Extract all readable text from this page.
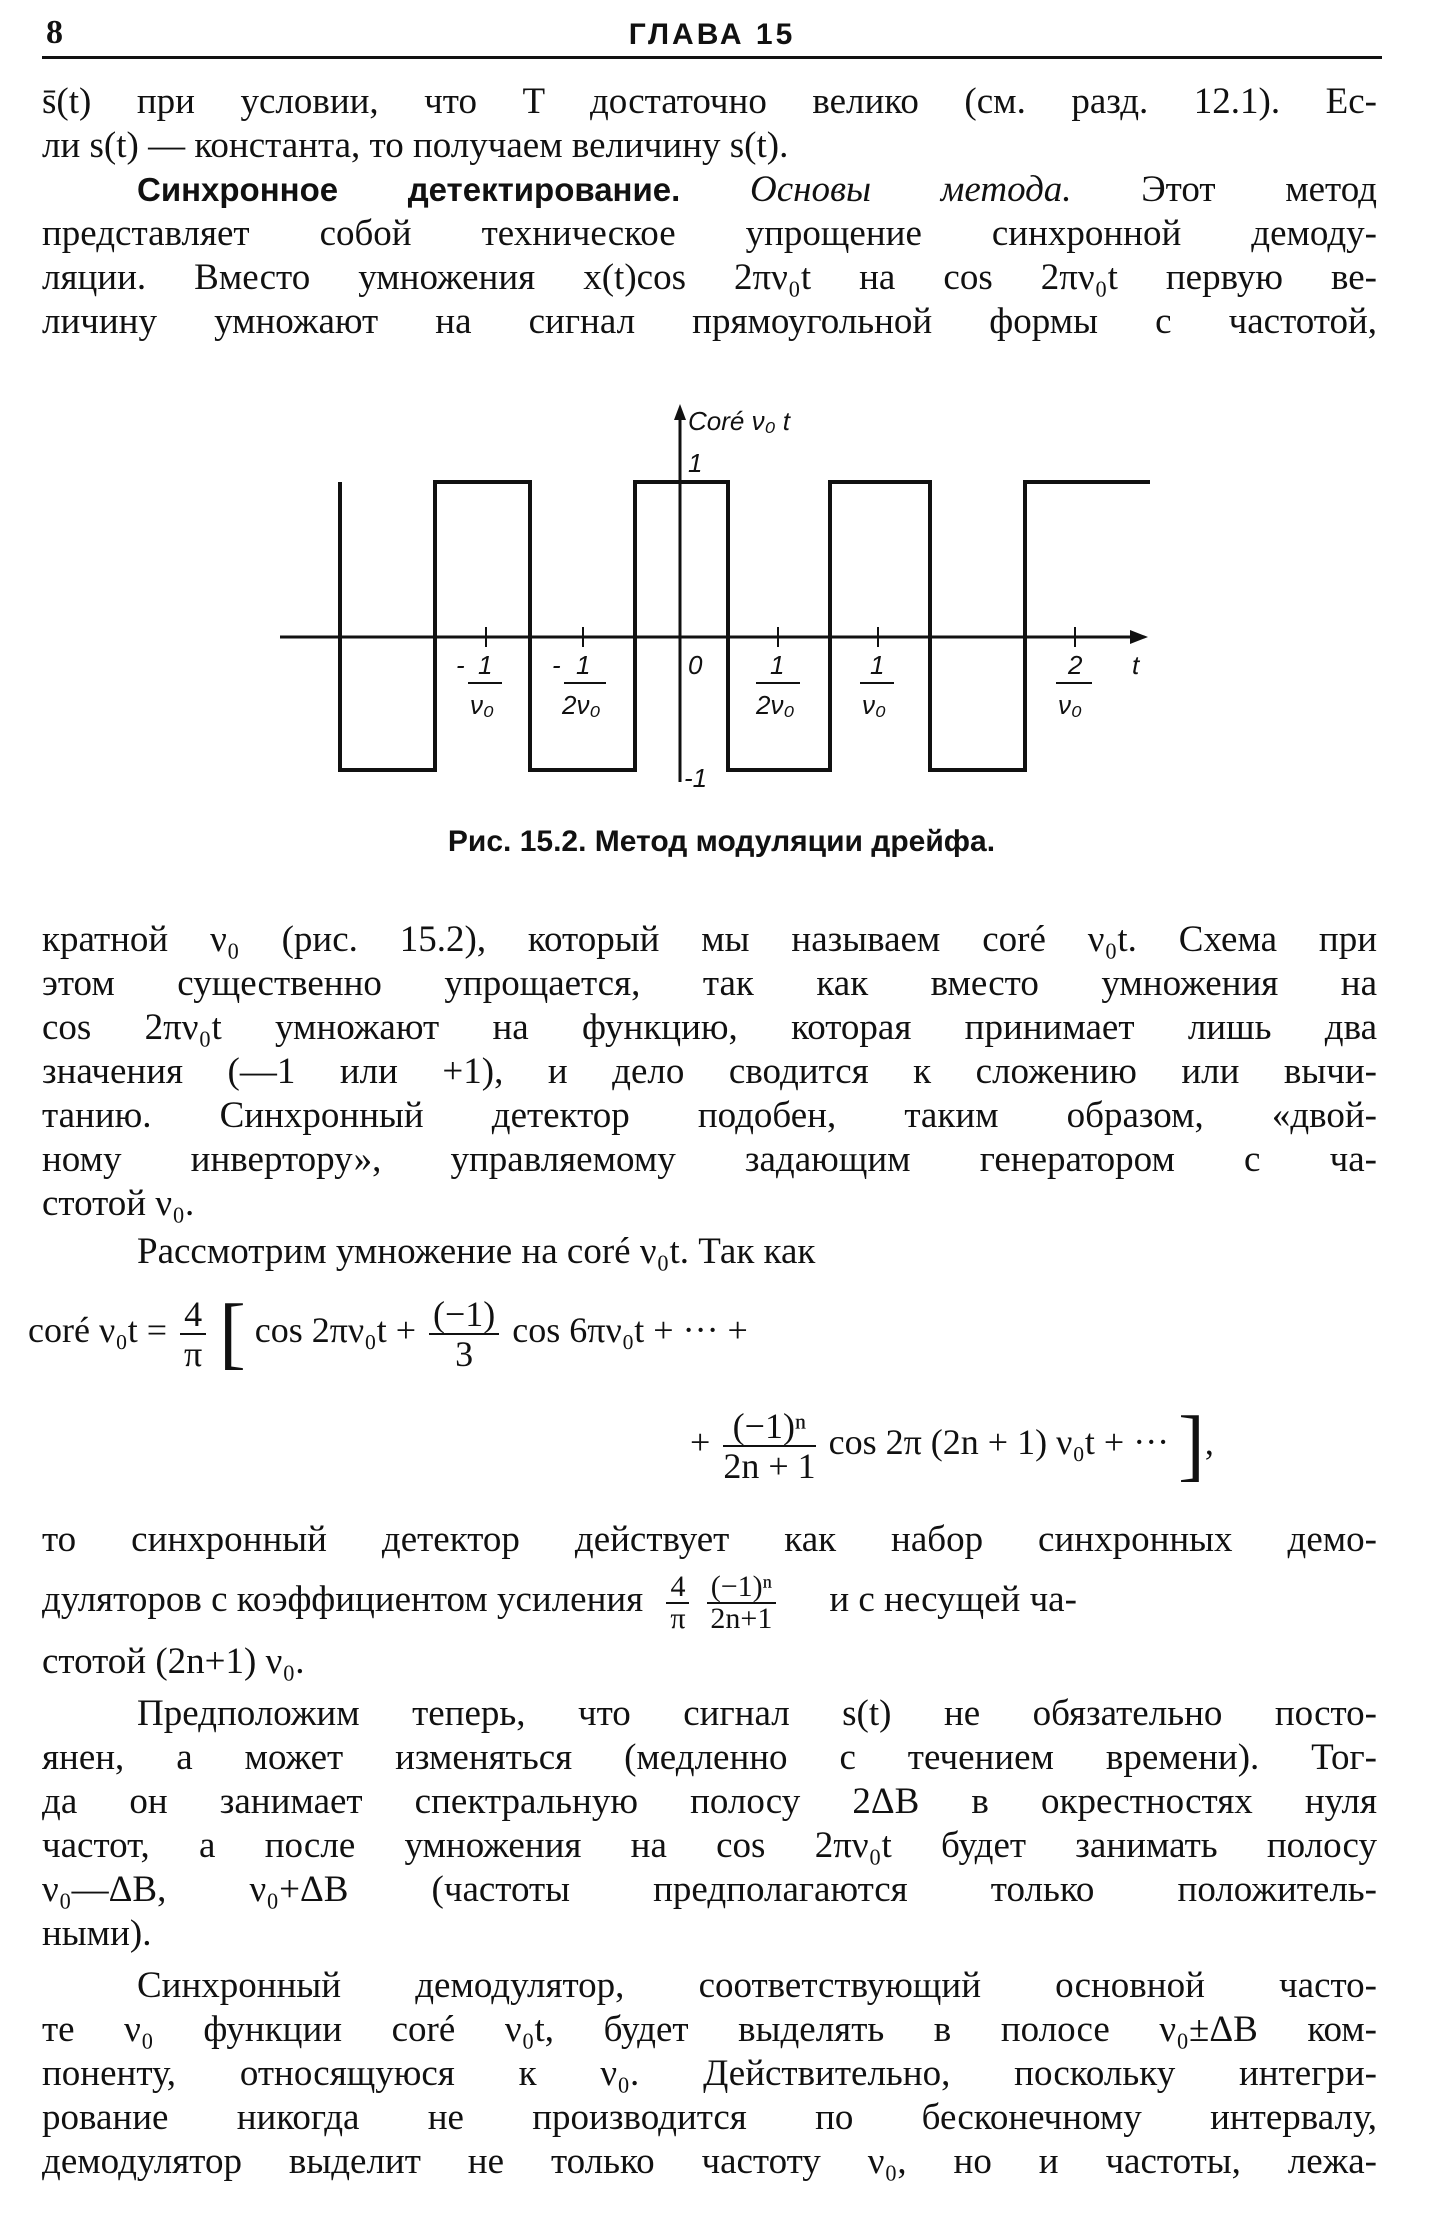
8	ГЛАВА 15
s̄(t) при условии, что T достаточно велико (см. разд. 12.1). Ес-
ли s(t) — константа, то получаем величину s(t).
Синхронное детектирование. Основы метода. Этот метод
представляет собой техническое упрощение синхронной демоду-
ляции. Вместо умножения x(t)cos 2πν₀t на cos 2πν₀t первую ве-
личину умножают на сигнал прямоугольной формы с частотой,
Coré ν₀ t
1
-1
0	t
- 1
ν₀
- 1
2ν₀
1
2ν₀
1
ν₀
2
ν₀
Рис. 15.2. Метод модуляции дрейфа.
кратной ν₀ (рис. 15.2), который мы называем coré ν₀t. Схема при
этом существенно упрощается, так как вместо умножения на
cos 2πν₀t умножают на функцию, которая принимает лишь два
значения (—1 или +1), и дело сводится к сложению или вычи-
танию. Синхронный детектор подобен, таким образом, «двой-
ному инвертору», управляемому задающим генератором с ча-
стотой ν₀.
Рассмотрим умножение на coré ν₀t. Так как
coré $\nu_0t = \frac{4}{\pi}$ [ $\cos 2\pi\nu_0t + \frac{(-1)}{3}$ cos 6πν₀t + ··· +
+ $\frac{\text{(−1)ⁿ}}{2n + 1}$ cos 2π (2n + 1) ν₀t + ··· ],
то синхронный детектор действует как набор синхронных демо-
дуляторов с коэффициентом усиления $\frac{4}{\pi}$
$\frac{\text{(−1)ⁿ}}{2n+1}$ и с несущей ча-
стотой (2n+1) ν₀.
Предположим теперь, что сигнал s(t) не обязательно посто-
янен, а может изменяться (медленно с течением времени). Тог-
да он занимает спектральную полосу 2ΔB в окрестностях нуля
частот, а после умножения на cos 2πν₀t будет занимать полосу
ν₀—ΔB, ν₀+ΔB (частоты предполагаются только положитель-
ными).
Синхронный демодулятор, соответствующий основной часто-
те ν₀ функции coré ν₀t, будет выделять в полосе ν₀±ΔB ком-
поненту, относящуюся к ν₀. Действительно, поскольку интегри-
рование никогда не производится по бесконечному интервалу,
демодулятор выделит не только частоту ν₀, но и частоты, лежа-
